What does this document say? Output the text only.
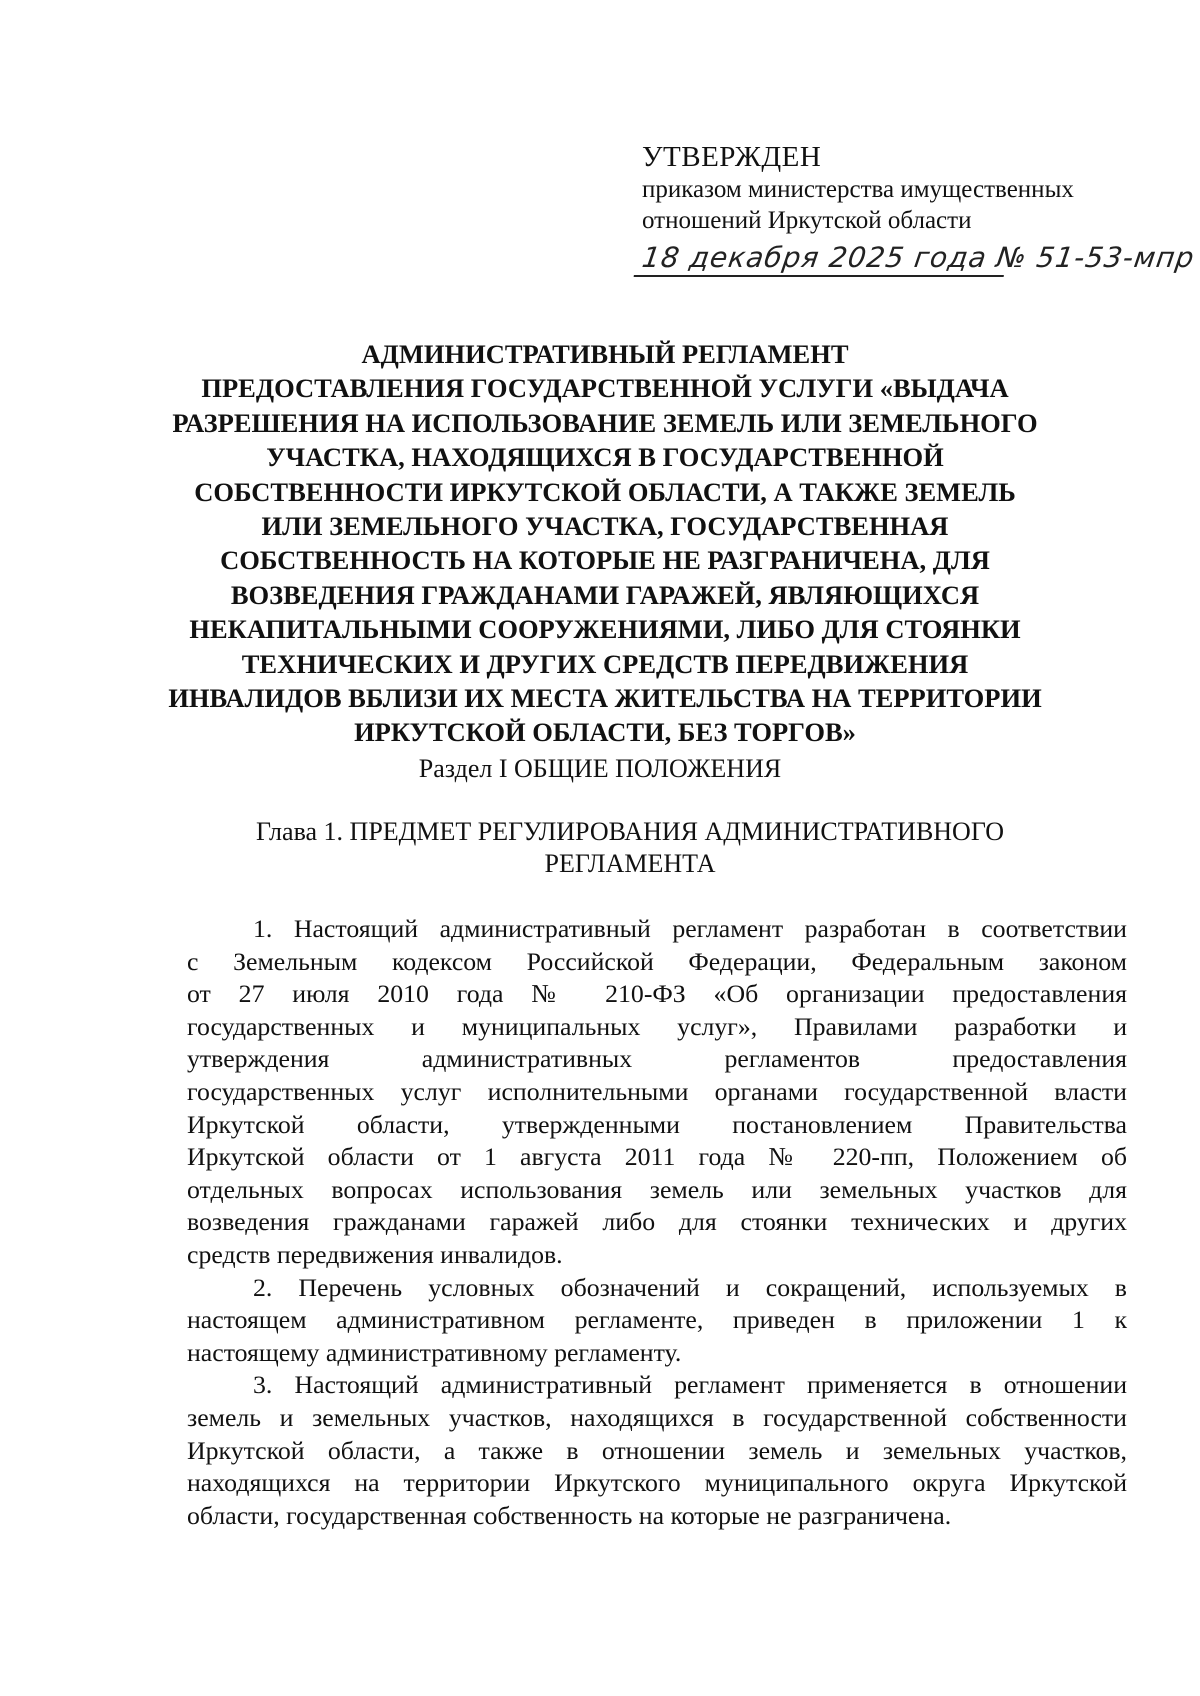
УТВЕРЖДЕН
приказом министерства имущественных
отношений Иркутской области
18 декабря 2025 года № 51-53-мпр
АДМИНИСТРАТИВНЫЙ РЕГЛАМЕНТ
ПРЕДОСТАВЛЕНИЯ ГОСУДАРСТВЕННОЙ УСЛУГИ «ВЫДАЧА
РАЗРЕШЕНИЯ НА ИСПОЛЬЗОВАНИЕ ЗЕМЕЛЬ ИЛИ ЗЕМЕЛЬНОГО
УЧАСТКА, НАХОДЯЩИХСЯ В ГОСУДАРСТВЕННОЙ
СОБСТВЕННОСТИ ИРКУТСКОЙ ОБЛАСТИ, А ТАКЖЕ ЗЕМЕЛЬ
ИЛИ ЗЕМЕЛЬНОГО УЧАСТКА, ГОСУДАРСТВЕННАЯ
СОБСТВЕННОСТЬ НА КОТОРЫЕ НЕ РАЗГРАНИЧЕНА, ДЛЯ
ВОЗВЕДЕНИЯ ГРАЖДАНАМИ ГАРАЖЕЙ, ЯВЛЯЮЩИХСЯ
НЕКАПИТАЛЬНЫМИ СООРУЖЕНИЯМИ, ЛИБО ДЛЯ СТОЯНКИ
ТЕХНИЧЕСКИХ И ДРУГИХ СРЕДСТВ ПЕРЕДВИЖЕНИЯ
ИНВАЛИДОВ ВБЛИЗИ ИХ МЕСТА ЖИТЕЛЬСТВА НА ТЕРРИТОРИИ
ИРКУТСКОЙ ОБЛАСТИ, БЕЗ ТОРГОВ»
Раздел I ОБЩИЕ ПОЛОЖЕНИЯ
Глава 1. ПРЕДМЕТ РЕГУЛИРОВАНИЯ АДМИНИСТРАТИВНОГО
РЕГЛАМЕНТА
1. Настоящий административный регламент разработан в соответствии
с Земельным кодексом Российской Федерации, Федеральным законом
от 27 июля 2010 года № 210-ФЗ «Об организации предоставления
государственных и муниципальных услуг», Правилами разработки и
утверждения административных регламентов предоставления
государственных услуг исполнительными органами государственной власти
Иркутской области, утвержденными постановлением Правительства
Иркутской области от 1 августа 2011 года № 220-пп, Положением об
отдельных вопросах использования земель или земельных участков для
возведения гражданами гаражей либо для стоянки технических и других
средств передвижения инвалидов.
2. Перечень условных обозначений и сокращений, используемых в
настоящем административном регламенте, приведен в приложении 1 к
настоящему административному регламенту.
3. Настоящий административный регламент применяется в отношении
земель и земельных участков, находящихся в государственной собственности
Иркутской области, а также в отношении земель и земельных участков,
находящихся на территории Иркутского муниципального округа Иркутской
области, государственная собственность на которые не разграничена.
